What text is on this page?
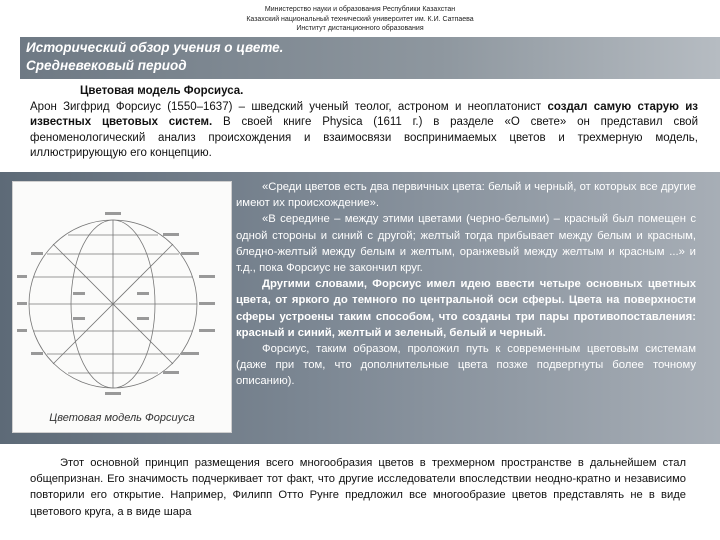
Министерство науки и образования Республики Казахстан
Казахский национальный технический университет им. К.И. Сатпаева
Институт дистанционного образования
Исторический обзор учения о цвете.
Средневековый период
Цветовая модель Форсиуса.
Арон Зигфрид Форсиус (1550–1637) – шведский ученый теолог, астроном и неоплатонист создал самую старую из известных цветовых систем. В своей книге Physica (1611 г.) в разделе «О свете» он представил свой феноменологический анализ происхождения и взаимосвязи воспринимаемых цветов и трехмерную модель, иллюстрирующую его концепцию.
Цветовая модель Форсиуса

«Среди цветов есть два первичных цвета: белый и черный, от которых все другие имеют их происхождение».

«В середине – между этими цветами (черно-белыми) – красный был помещен с одной стороны и синий с другой; желтый тогда прибывает между белым и красным, бледно-желтый между белым и желтым, оранжевый между желтым и красным ...» и т.д., пока Форсиус не закончил круг.

Другими словами, Форсиус имел идею ввести четыре основных цветных цвета, от яркого до темного по центральной оси сферы. Цвета на поверхности сферы устроены таким способом, что созданы три пары противопоставления: красный и синий, желтый и зеленый, белый и черный.

Форсиус, таким образом, проложил путь к современным цветовым системам (даже при том, что дополнительные цвета позже подвергнуты более точному описанию).

Этот основной принцип размещения всего многообразия цветов в трехмерном пространстве в дальнейшем стал общепризнан. Его значимость подчеркивает тот факт, что другие исследователи впоследствии неодно-кратно и независимо повторили его открытие. Например, Филипп Отто Рунге предложил все многообразие цветов представлять не в виде цветового круга, а в виде шара
